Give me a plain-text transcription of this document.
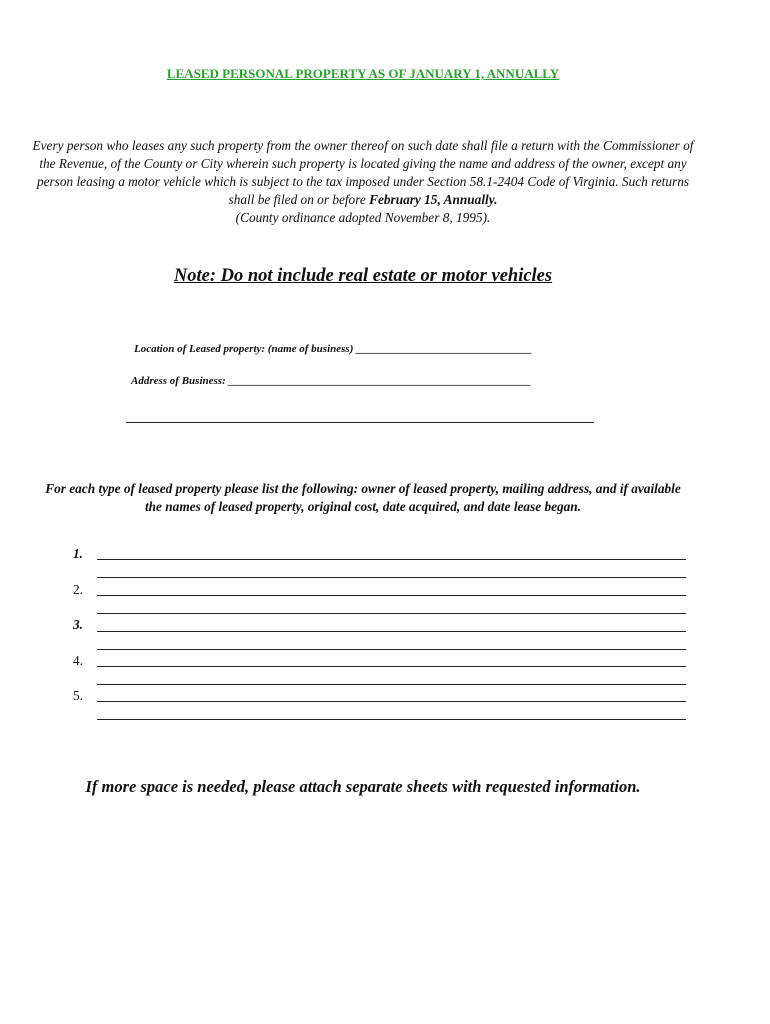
LEASED PERSONAL PROPERTY AS OF JANUARY 1, ANNUALLY
Every person who leases any such property from the owner thereof on such date shall file a return with the Commissioner of the Revenue, of the County or City wherein such property is located giving the name and address of the owner, except any person leasing a motor vehicle which is subject to the tax imposed under Section 58.1-2404 Code of Virginia. Such returns shall be filed on or before February 15, Annually.
(County ordinance adopted November 8, 1995).
Note: Do not include real estate or motor vehicles
Location of Leased property: (name of business) ________________________________
Address of Business: _______________________________________________________
For each type of leased property please list the following: owner of leased property, mailing address, and if available the names of leased property, original cost, date acquired, and date lease began.
1.
2.
3.
4.
5.
If more space is needed, please attach separate sheets with requested information.
